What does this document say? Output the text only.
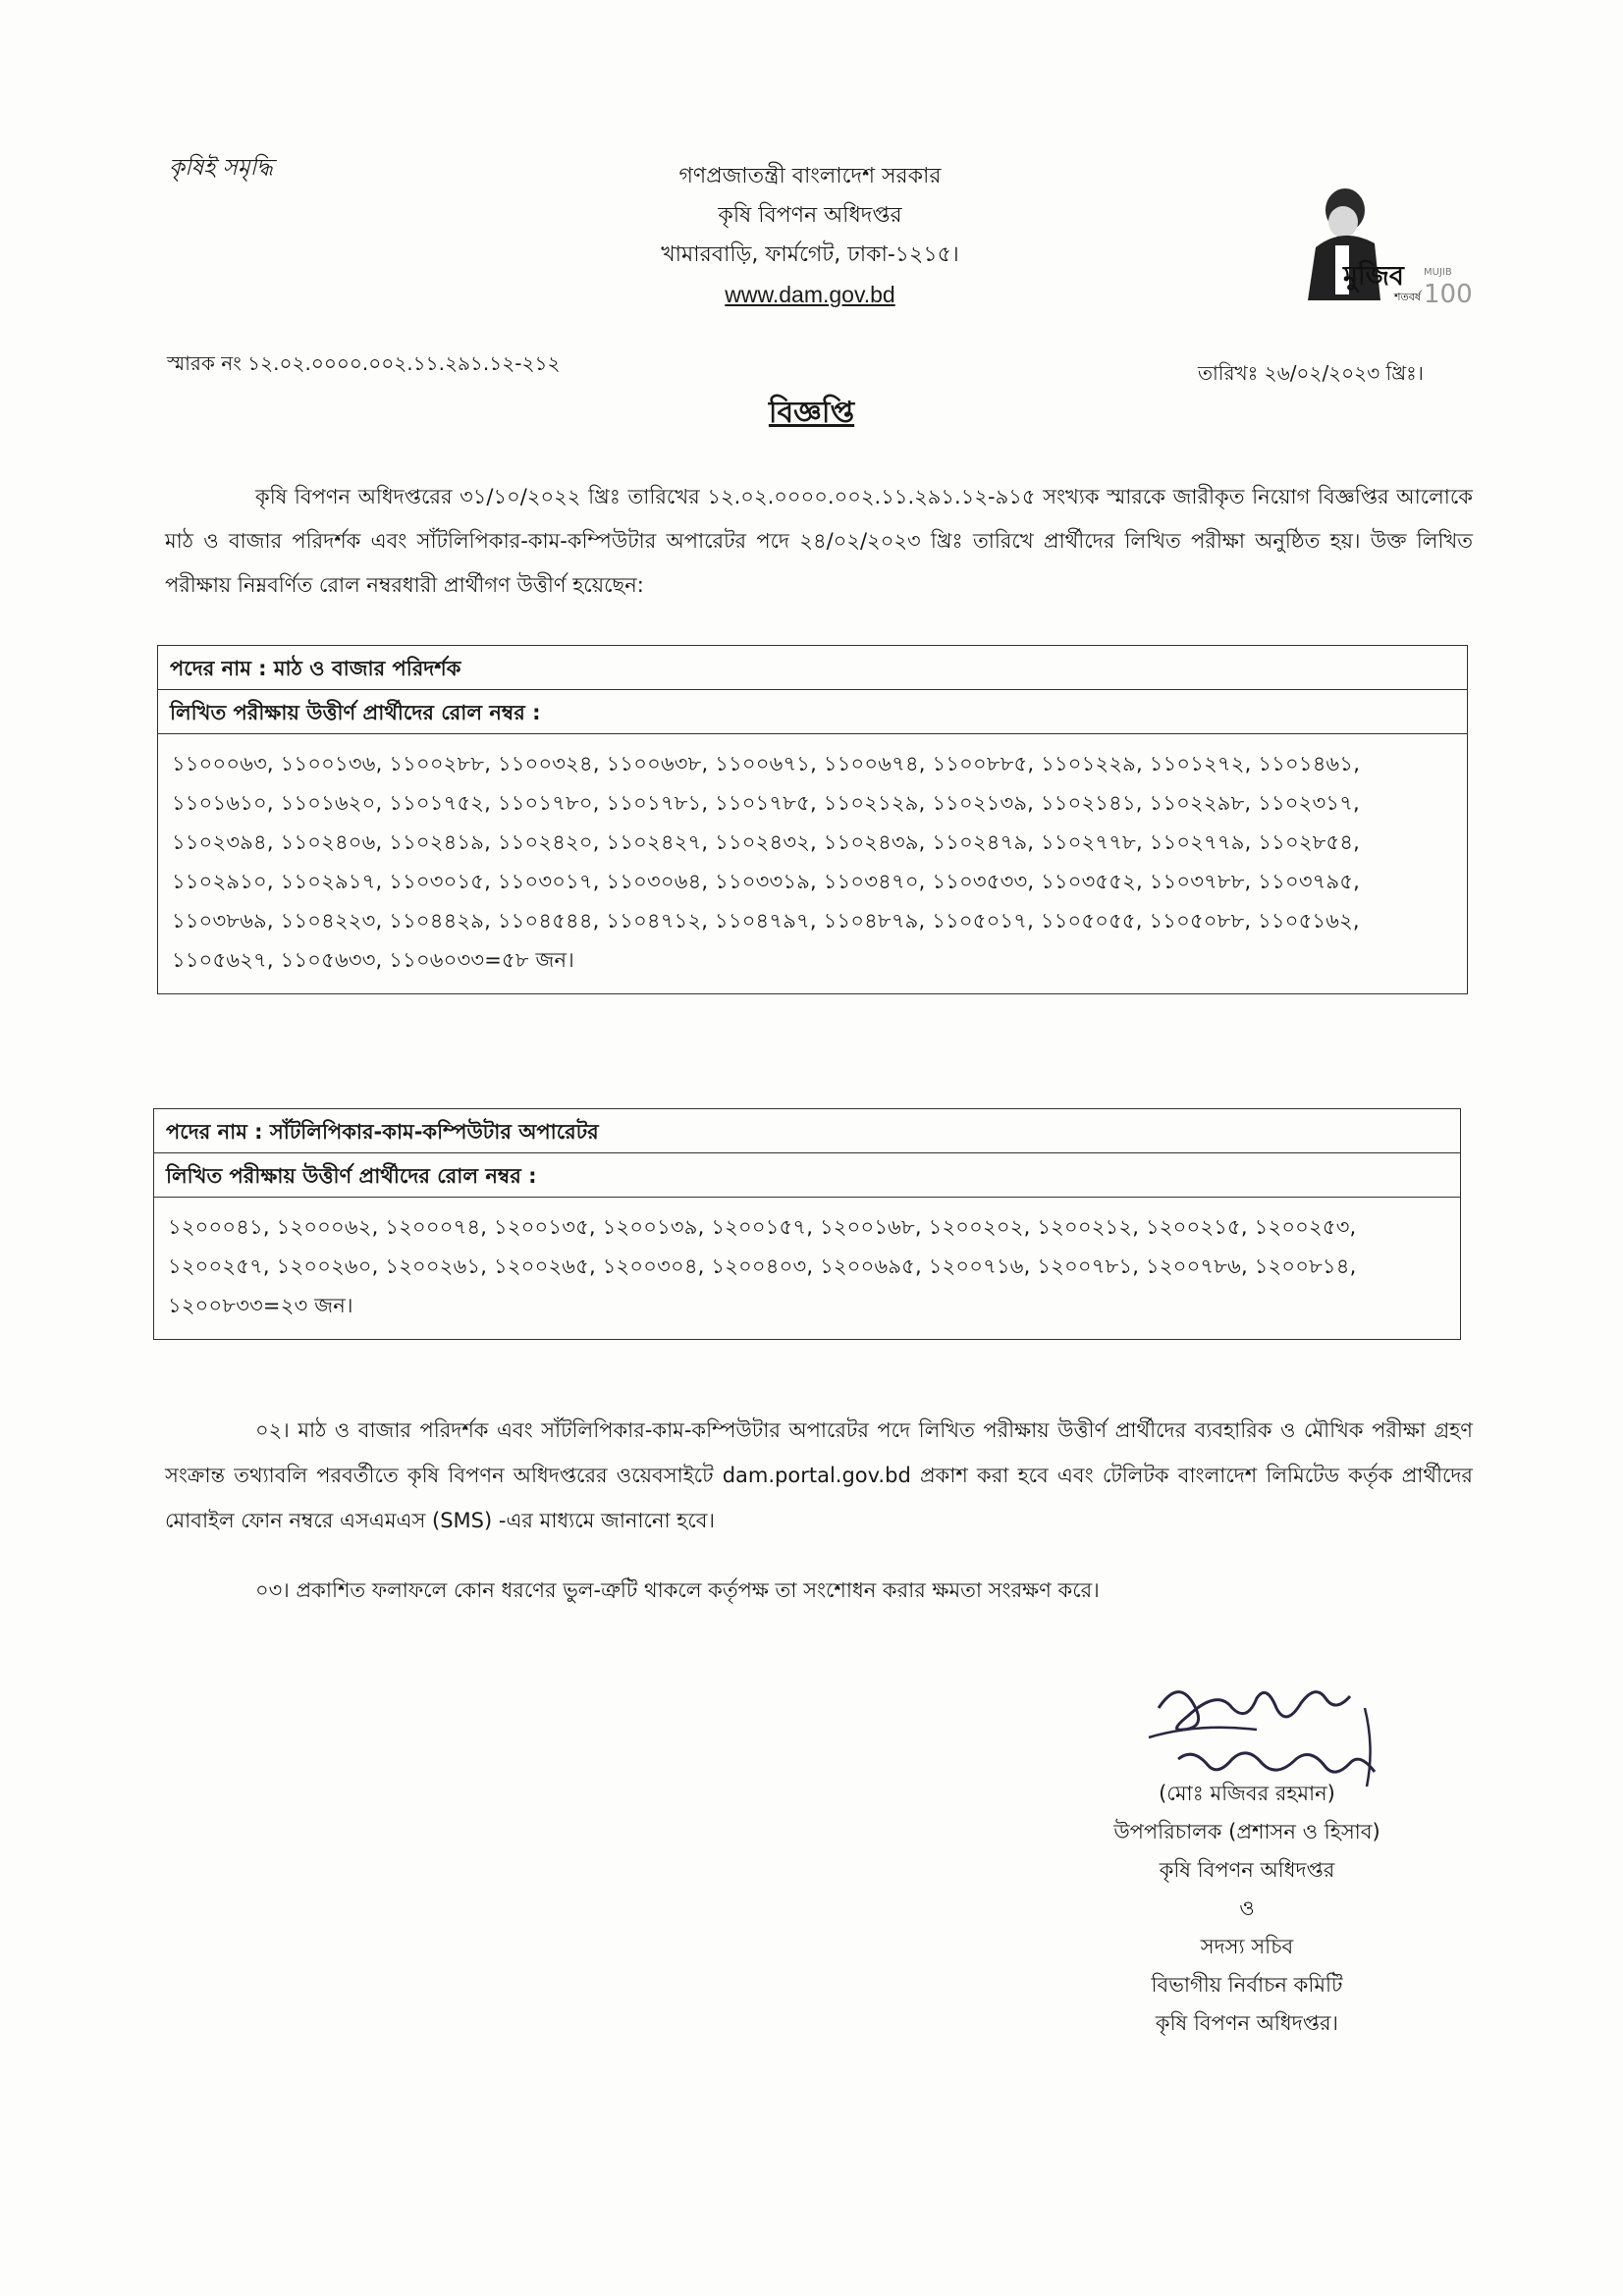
কৃষিই সমৃদ্ধি	গণপ্রজাতন্ত্রী বাংলাদেশ সরকার
কৃষি বিপণন অধিদপ্তর
খামারবাড়ি, ফার্মগেট, ঢাকা-১২১৫।
www.dam.gov.bd
মুজিব
শতবর্ষ
MUJIB
100
স্মারক নং ১২.০২.০০০০.০০২.১১.২৯১.১২-২১২	তারিখঃ ২৬/০২/২০২৩ খ্রিঃ।
বিজ্ঞপ্তি
কৃষি বিপণন অধিদপ্তরের ৩১/১০/২০২২ খ্রিঃ তারিখের ১২.০২.০০০০.০০২.১১.২৯১.১২-৯১৫ সংখ্যক স্মারকে জারীকৃত নিয়োগ বিজ্ঞপ্তির আলোকে মাঠ ও বাজার পরিদর্শক এবং সাঁটলিপিকার-কাম-কম্পিউটার অপারেটর পদে ২৪/০২/২০২৩ খ্রিঃ তারিখে প্রার্থীদের লিখিত পরীক্ষা অনুষ্ঠিত হয়। উক্ত লিখিত পরীক্ষায় নিম্নবর্ণিত রোল নম্বরধারী প্রার্থীগণ উত্তীর্ণ হয়েছেন:
পদের নাম : মাঠ ও বাজার পরিদর্শক
লিখিত পরীক্ষায় উত্তীর্ণ প্রার্থীদের রোল নম্বর :
১১০০০৬৩, ১১০০১৩৬, ১১০০২৮৮, ১১০০৩২৪, ১১০০৬৩৮, ১১০০৬৭১, ১১০০৬৭৪, ১১০০৮৮৫, ১১০১২২৯, ১১০১২৭২, ১১০১৪৬১, ১১০১৬১০, ১১০১৬২০, ১১০১৭৫২, ১১০১৭৮০, ১১০১৭৮১, ১১০১৭৮৫, ১১০২১২৯, ১১০২১৩৯, ১১০২১৪১, ১১০২২৯৮, ১১০২৩১৭, ১১০২৩৯৪, ১১০২৪০৬, ১১০২৪১৯, ১১০২৪২০, ১১০২৪২৭, ১১০২৪৩২, ১১০২৪৩৯, ১১০২৪৭৯, ১১০২৭৭৮, ১১০২৭৭৯, ১১০২৮৫৪, ১১০২৯১০, ১১০২৯১৭, ১১০৩০১৫, ১১০৩০১৭, ১১০৩০৬৪, ১১০৩৩১৯, ১১০৩৪৭০, ১১০৩৫৩৩, ১১০৩৫৫২, ১১০৩৭৮৮, ১১০৩৭৯৫, ১১০৩৮৬৯, ১১০৪২২৩, ১১০৪৪২৯, ১১০৪৫৪৪, ১১০৪৭১২, ১১০৪৭৯৭, ১১০৪৮৭৯, ১১০৫০১৭, ১১০৫০৫৫, ১১০৫০৮৮, ১১০৫১৬২, ১১০৫৬২৭, ১১০৫৬৩৩, ১১০৬০৩৩=৫৮ জন।
পদের নাম : সাঁটলিপিকার-কাম-কম্পিউটার অপারেটর
লিখিত পরীক্ষায় উত্তীর্ণ প্রার্থীদের রোল নম্বর :
১২০০০৪১, ১২০০০৬২, ১২০০০৭৪, ১২০০১৩৫, ১২০০১৩৯, ১২০০১৫৭, ১২০০১৬৮, ১২০০২০২, ১২০০২১২, ১২০০২১৫, ১২০০২৫৩, ১২০০২৫৭, ১২০০২৬০, ১২০০২৬১, ১২০০২৬৫, ১২০০৩০৪, ১২০০৪০৩, ১২০০৬৯৫, ১২০০৭১৬, ১২০০৭৮১, ১২০০৭৮৬, ১২০০৮১৪, ১২০০৮৩৩=২৩ জন।
০২। মাঠ ও বাজার পরিদর্শক এবং সাঁটলিপিকার-কাম-কম্পিউটার অপারেটর পদে লিখিত পরীক্ষায় উত্তীর্ণ প্রার্থীদের ব্যবহারিক ও মৌখিক পরীক্ষা গ্রহণ সংক্রান্ত তথ্যাবলি পরবর্তীতে কৃষি বিপণন অধিদপ্তরের ওয়েবসাইটে dam.portal.gov.bd প্রকাশ করা হবে এবং টেলিটক বাংলাদেশ লিমিটেড কর্তৃক প্রার্থীদের মোবাইল ফোন নম্বরে এসএমএস (SMS) -এর মাধ্যমে জানানো হবে।
০৩। প্রকাশিত ফলাফলে কোন ধরণের ভুল-ত্রুটি থাকলে কর্তৃপক্ষ তা সংশোধন করার ক্ষমতা সংরক্ষণ করে।
(মোঃ মজিবর রহমান)
উপপরিচালক (প্রশাসন ও হিসাব)
কৃষি বিপণন অধিদপ্তর
ও
সদস্য সচিব
বিভাগীয় নির্বাচন কমিটি
কৃষি বিপণন অধিদপ্তর।
